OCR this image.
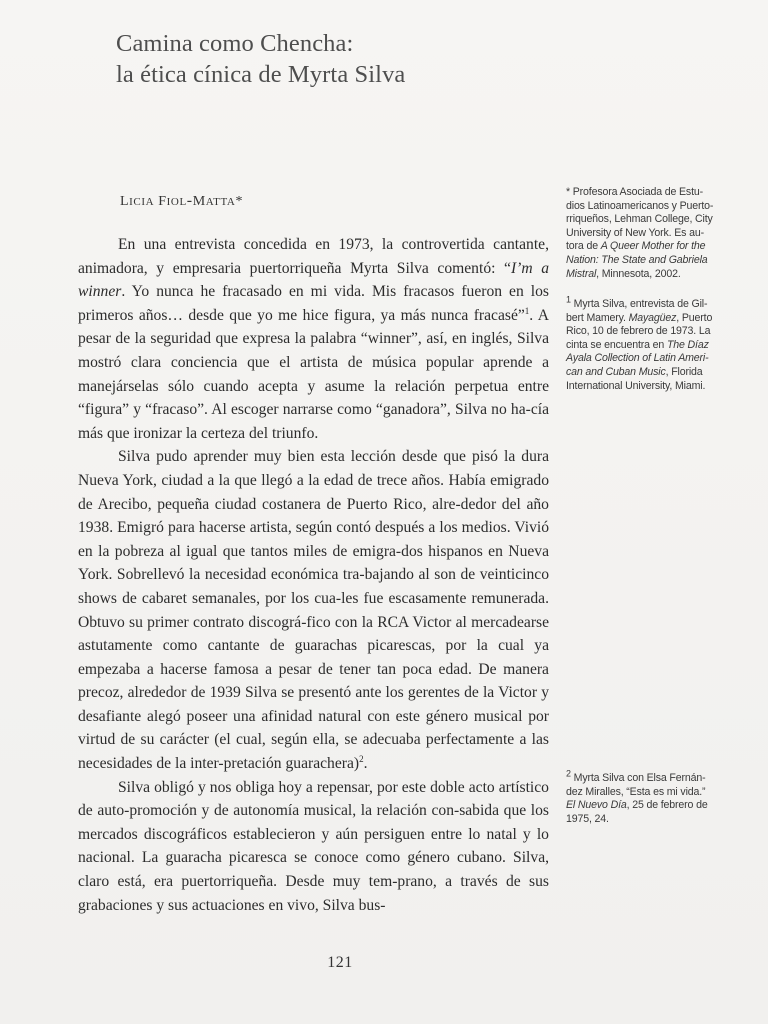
Camina como Chencha:
la ética cínica de Myrta Silva
Licia Fiol-Matta*

En una entrevista concedida en 1973, la controvertida cantante, animadora, y empresaria puertorriqueña Myrta Silva comentó: “I’m a winner. Yo nunca he fracasado en mi vida. Mis fracasos fueron en los primeros años… desde que yo me hice figura, ya más nunca fracasé”$^1$. A pesar de la seguridad que expresa la palabra “winner”, así, en inglés, Silva mostró clara conciencia que el artista de música popular aprende a manejárselas sólo cuando acepta y asume la relación perpetua entre “figura” y “fracaso”. Al escoger narrarse como “ganadora”, Silva no ha-cía más que ironizar la certeza del triunfo.

Silva pudo aprender muy bien esta lección desde que pisó la dura Nueva York, ciudad a la que llegó a la edad de trece años. Había emigrado de Arecibo, pequeña ciudad costanera de Puerto Rico, alre-dedor del año 1938. Emigró para hacerse artista, según contó después a los medios. Vivió en la pobreza al igual que tantos miles de emigra-dos hispanos en Nueva York. Sobrellevó la necesidad económica tra-bajando al son de veinticinco shows de cabaret semanales, por los cua-les fue escasamente remunerada. Obtuvo su primer contrato discográ-fico con la RCA Victor al mercadearse astutamente como cantante de guarachas picarescas, por la cual ya empezaba a hacerse famosa a pesar de tener tan poca edad. De manera precoz, alrededor de 1939 Silva se presentó ante los gerentes de la Victor y desafiante alegó poseer una afinidad natural con este género musical por virtud de su carácter (el cual, según ella, se adecuaba perfectamente a las necesidades de la inter-pretación guarachera)$^2$.

Silva obligó y nos obliga hoy a repensar, por este doble acto artístico de auto-promoción y de autonomía musical, la relación con-sabida que los mercados discográficos establecieron y aún persiguen entre lo natal y lo nacional. La guaracha picaresca se conoce como género cubano. Silva, claro está, era puertorriqueña. Desde muy tem-prano, a través de sus grabaciones y sus actuaciones en vivo, Silva bus-

* Profesora Asociada de Estu-
dios Latinoamericanos y Puerto-
rriqueños, Lehman College, City
University of New York. Es au-
tora de A Queer Mother for the
Nation: The State and Gabriela
Mistral, Minnesota, 2002.
$^1$ Myrta Silva, entrevista de Gil-
bert Mamery. Mayagüez, Puerto
Rico, 10 de febrero de 1973. La
cinta se encuentra en The Díaz
Ayala Collection of Latin Ameri-
can and Cuban Music, Florida
International University, Miami.
$^2$ Myrta Silva con Elsa Fernán-
dez Miralles, “Esta es mi vida.”
El Nuevo Día, 25 de febrero de
1975, 24.
121
